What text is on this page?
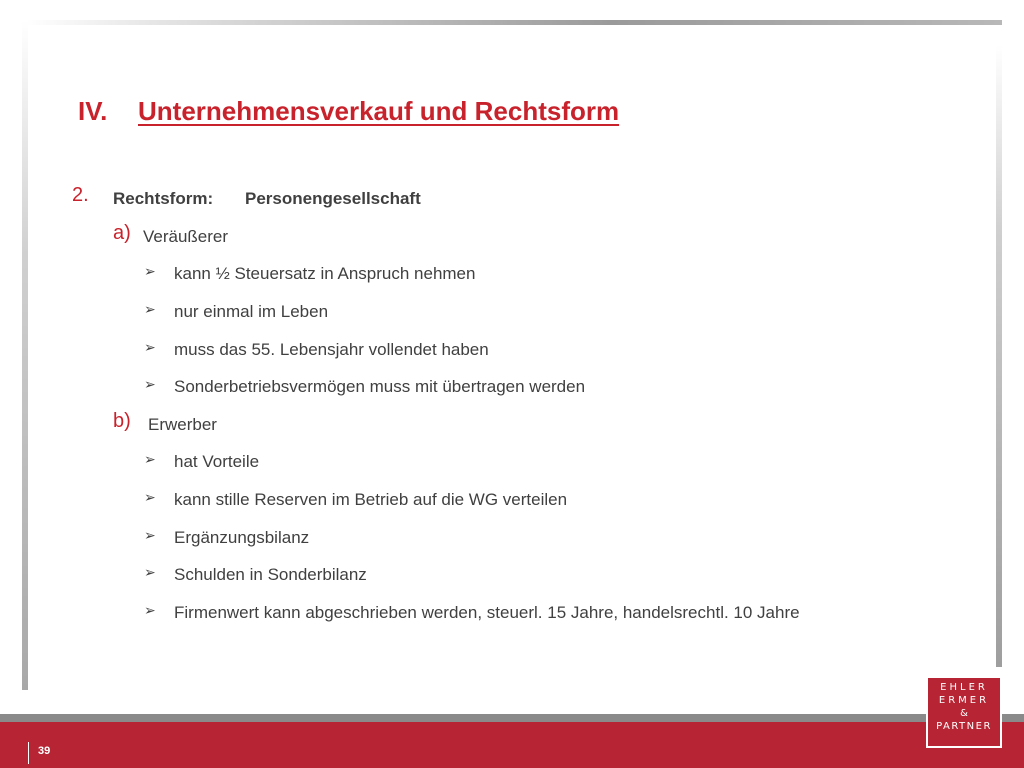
IV. Unternehmensverkauf und Rechtsform
2. Rechtsform: Personengesellschaft
a) Veräußerer
➢ kann ½ Steuersatz in Anspruch nehmen
➢ nur einmal im Leben
➢ muss das 55. Lebensjahr vollendet haben
➢ Sonderbetriebsvermögen muss mit übertragen werden
b) Erwerber
➢ hat Vorteile
➢ kann stille Reserven im Betrieb auf die WG verteilen
➢ Ergänzungsbilanz
➢ Schulden in Sonderbilanz
➢ Firmenwert kann abgeschrieben werden, steuerl. 15 Jahre, handelsrechtl. 10 Jahre
39
EHLER
ERMER
&
PARTNER
